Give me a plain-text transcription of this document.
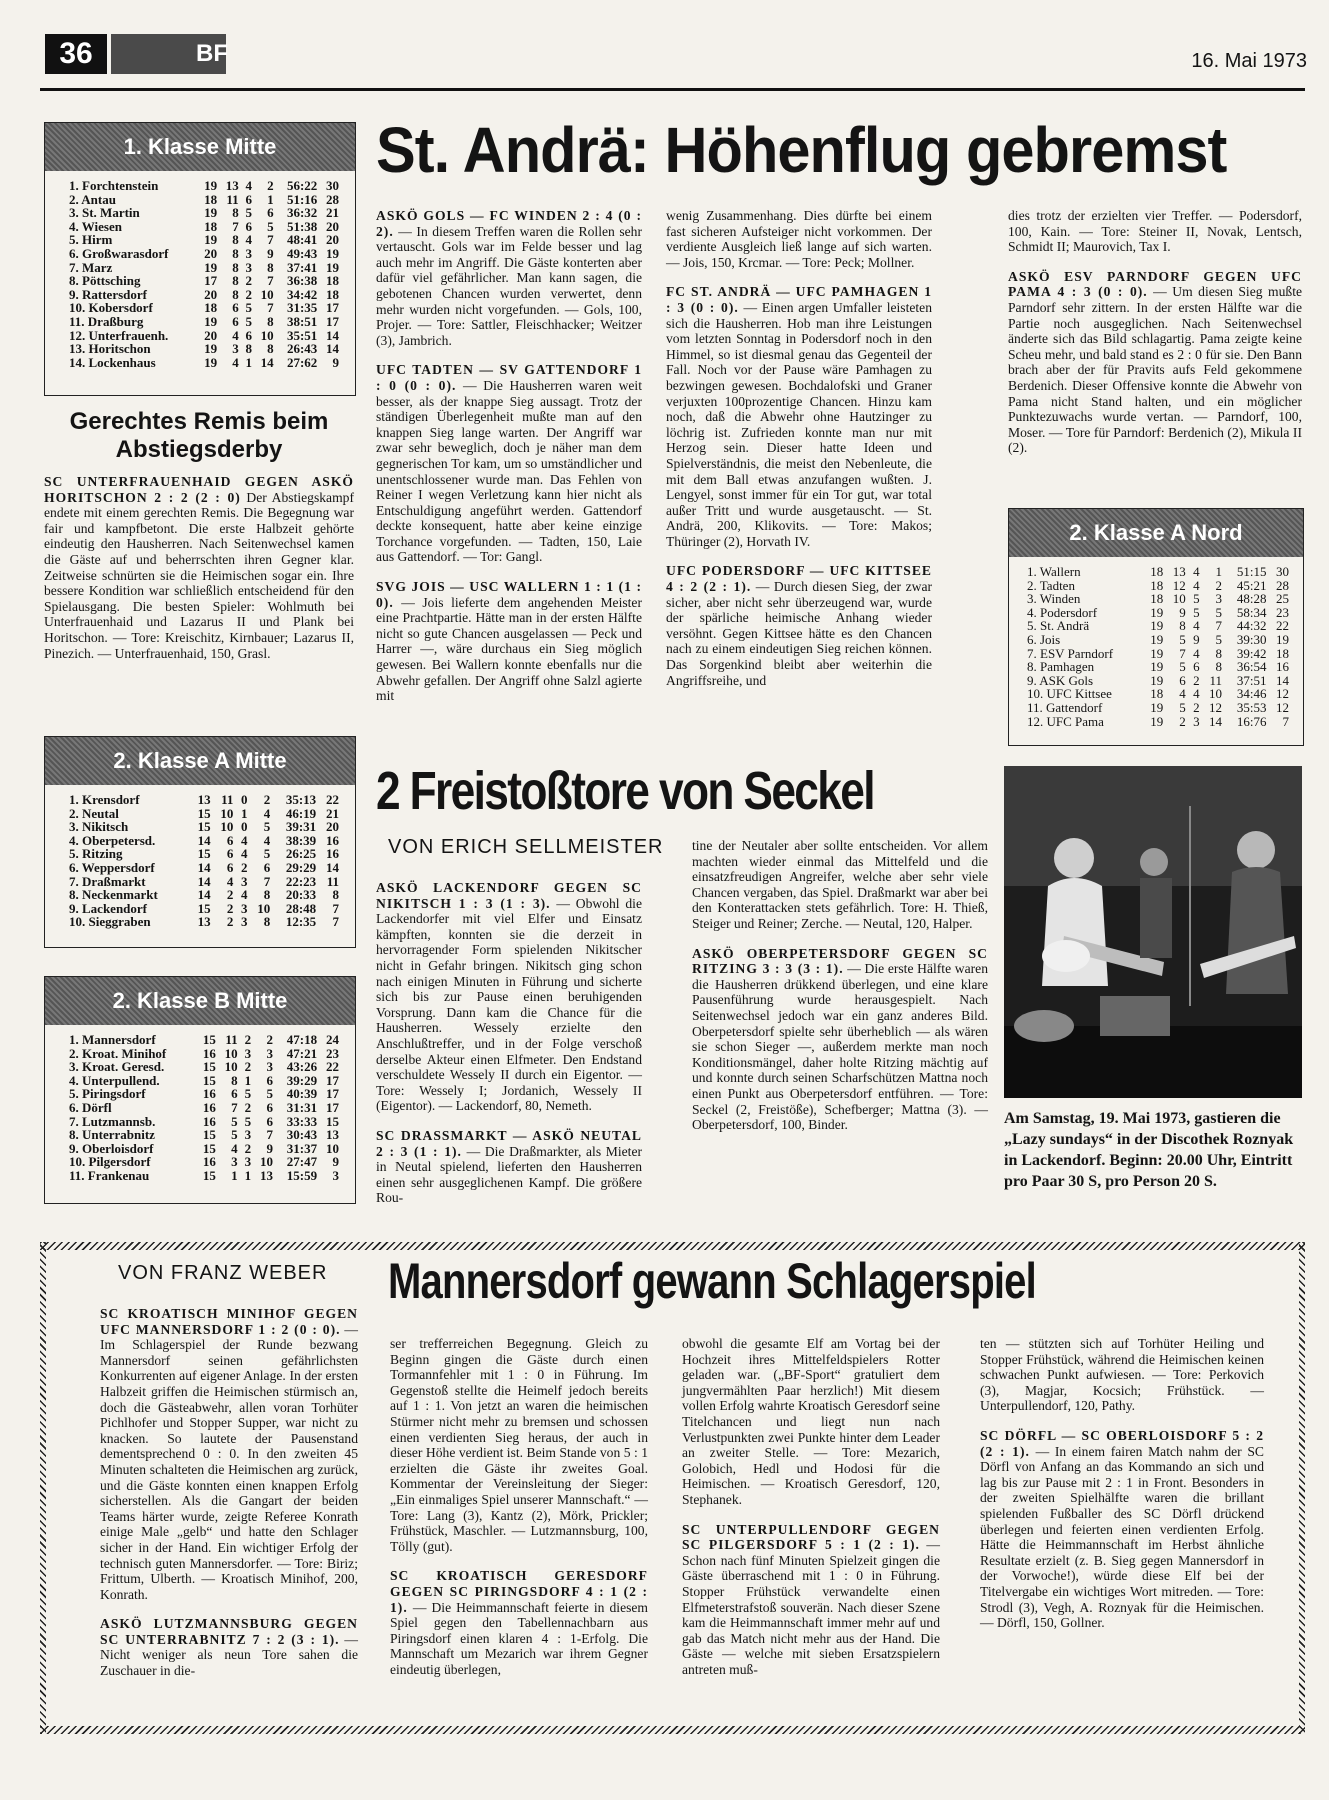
36	BF	16. Mai 1973
1. Klasse Mitte
1. Forchtenstein	19	13	4	2	56:22	30
2. Antau	18	11	6	1	51:16	28
3. St. Martin	19	8	5	6	36:32	21
4. Wiesen	18	7	6	5	51:38	20
5. Hirm	19	8	4	7	48:41	20
6. Großwarasdorf	20	8	3	9	49:43	19
7. Marz	19	8	3	8	37:41	19
8. Pöttsching	17	8	2	7	36:38	18
9. Rattersdorf	20	8	2	10	34:42	18
10. Kobersdorf	18	6	5	7	31:35	17
11. Draßburg	19	6	5	8	38:51	17
12. Unterfrauenh.	20	4	6	10	35:51	14
13. Horitschon	19	3	8	8	26:43	14
14. Lockenhaus	19	4	1	14	27:62	9
Gerechtes Remis beim Abstiegsderby

SC UNTERFRAUENHAID GEGEN ASKÖ HORITSCHON 2 : 2 (2 : 0) Der Abstiegskampf endete mit einem gerechten Remis. Die Begegnung war fair und kampfbetont. Die erste Halbzeit gehörte eindeutig den Hausherren. Nach Seitenwechsel kamen die Gäste auf und beherrschten ihren Gegner klar. Zeitweise schnürten sie die Heimischen sogar ein. Ihre bessere Kondition war schließlich entscheidend für den Spielausgang. Die besten Spieler: Wohlmuth bei Unterfrauenhaid und Lazarus II und Plank bei Horitschon. — Tore: Kreischitz, Kirnbauer; Lazarus II, Pinezich. — Unterfrauenhaid, 150, Grasl.

2. Klasse A Mitte
1. Krensdorf	13	11	0	2	35:13	22
2. Neutal	15	10	1	4	46:19	21
3. Nikitsch	15	10	0	5	39:31	20
4. Oberpetersd.	14	6	4	4	38:39	16
5. Ritzing	15	6	4	5	26:25	16
6. Weppersdorf	14	6	2	6	29:29	14
7. Draßmarkt	14	4	3	7	22:23	11
8. Neckenmarkt	14	2	4	8	20:33	8
9. Lackendorf	15	2	3	10	28:48	7
10. Sieggraben	13	2	3	8	12:35	7
2. Klasse B Mitte
1. Mannersdorf	15	11	2	2	47:18	24
2. Kroat. Minihof	16	10	3	3	47:21	23
3. Kroat. Geresd.	15	10	2	3	43:26	22
4. Unterpullend.	15	8	1	6	39:29	17
5. Piringsdorf	16	6	5	5	40:39	17
6. Dörfl	16	7	2	6	31:31	17
7. Lutzmannsb.	16	5	5	6	33:33	15
8. Unterrabnitz	15	5	3	7	30:43	13
9. Oberloisdorf	15	4	2	9	31:37	10
10. Pilgersdorf	16	3	3	10	27:47	9
11. Frankenau	15	1	1	13	15:59	3
St. Andrä: Höhenflug gebremst

ASKÖ GOLS — FC WINDEN 2 : 4 (0 : 2). — In diesem Treffen waren die Rollen sehr vertauscht. Gols war im Felde besser und lag auch mehr im Angriff. Die Gäste konterten aber dafür viel gefährlicher. Man kann sagen, die gebotenen Chancen wurden verwertet, denn mehr wurden nicht vorgefunden. — Gols, 100, Projer. — Tore: Sattler, Fleischhacker; Weitzer (3), Jambrich.

UFC TADTEN — SV GATTENDORF 1 : 0 (0 : 0). — Die Hausherren waren weit besser, als der knappe Sieg aussagt. Trotz der ständigen Überlegenheit mußte man auf den knappen Sieg lange warten. Der Angriff war zwar sehr beweglich, doch je näher man dem gegnerischen Tor kam, um so umständlicher und unentschlossener wurde man. Das Fehlen von Reiner I wegen Verletzung kann hier nicht als Entschuldigung angeführt werden. Gattendorf deckte konsequent, hatte aber keine einzige Torchance vorgefunden. — Tadten, 150, Laie aus Gattendorf. — Tor: Gangl.

SVG JOIS — USC WALLERN 1 : 1 (1 : 0). — Jois lieferte dem angehenden Meister eine Prachtpartie. Hätte man in der ersten Hälfte nicht so gute Chancen ausgelassen — Peck und Harrer —, wäre durchaus ein Sieg möglich gewesen. Bei Wallern konnte ebenfalls nur die Abwehr gefallen. Der Angriff ohne Salzl agierte mit

wenig Zusammenhang. Dies dürfte bei einem fast sicheren Aufsteiger nicht vorkommen. Der verdiente Ausgleich ließ lange auf sich warten. — Jois, 150, Krcmar. — Tore: Peck; Mollner.

FC ST. ANDRÄ — UFC PAMHAGEN 1 : 3 (0 : 0). — Einen argen Umfaller leisteten sich die Hausherren. Hob man ihre Leistungen vom letzten Sonntag in Podersdorf noch in den Himmel, so ist diesmal genau das Gegenteil der Fall. Noch vor der Pause wäre Pamhagen zu bezwingen gewesen. Bochdalofski und Graner verjuxten 100prozentige Chancen. Hinzu kam noch, daß die Abwehr ohne Hautzinger zu löchrig ist. Zufrieden konnte man nur mit Herzog sein. Dieser hatte Ideen und Spielverständnis, die meist den Nebenleute, die mit dem Ball etwas anzufangen wußten. J. Lengyel, sonst immer für ein Tor gut, war total außer Tritt und wurde ausgetauscht. — St. Andrä, 200, Klikovits. — Tore: Makos; Thüringer (2), Horvath IV.

UFC PODERSDORF — UFC KITTSEE 4 : 2 (2 : 1). — Durch diesen Sieg, der zwar sicher, aber nicht sehr überzeugend war, wurde der spärliche heimische Anhang wieder versöhnt. Gegen Kittsee hätte es den Chancen nach zu einem eindeutigen Sieg reichen können. Das Sorgenkind bleibt aber weiterhin die Angriffsreihe, und

dies trotz der erzielten vier Treffer. — Podersdorf, 100, Kain. — Tore: Steiner II, Novak, Lentsch, Schmidt II; Maurovich, Tax I.

ASKÖ ESV PARNDORF GEGEN UFC PAMA 4 : 3 (0 : 0). — Um diesen Sieg mußte Parndorf sehr zittern. In der ersten Hälfte war die Partie noch ausgeglichen. Nach Seitenwechsel änderte sich das Bild schlagartig. Pama zeigte keine Scheu mehr, und bald stand es 2 : 0 für sie. Den Bann brach aber der für Pravits aufs Feld gekommene Berdenich. Dieser Offensive konnte die Abwehr von Pama nicht Stand halten, und ein möglicher Punktezuwachs wurde vertan. — Parndorf, 100, Moser. — Tore für Parndorf: Berdenich (2), Mikula II (2).

2. Klasse A Nord
1. Wallern	18	13	4	1	51:15	30
2. Tadten	18	12	4	2	45:21	28
3. Winden	18	10	5	3	48:28	25
4. Podersdorf	19	9	5	5	58:34	23
5. St. Andrä	19	8	4	7	44:32	22
6. Jois	19	5	9	5	39:30	19
7. ESV Parndorf	19	7	4	8	39:42	18
8. Pamhagen	19	5	6	8	36:54	16
9. ASK Gols	19	6	2	11	37:51	14
10. UFC Kittsee	18	4	4	10	34:46	12
11. Gattendorf	19	5	2	12	35:53	12
12. UFC Pama	19	2	3	14	16:76	7
2 Freistoßtore von Seckel
VON ERICH SELLMEISTER

ASKÖ LACKENDORF GEGEN SC NIKITSCH 1 : 3 (1 : 3). — Obwohl die Lackendorfer mit viel Elfer und Einsatz kämpften, konnten sie die derzeit in hervorragender Form spielenden Nikitscher nicht in Gefahr bringen. Nikitsch ging schon nach einigen Minuten in Führung und sicherte sich bis zur Pause einen beruhigenden Vorsprung. Dann kam die Chance für die Hausherren. Wessely erzielte den Anschlußtreffer, und in der Folge verschoß derselbe Akteur einen Elfmeter. Den Endstand verschuldete Wessely II durch ein Eigentor. — Tore: Wessely I; Jordanich, Wessely II (Eigentor). — Lackendorf, 80, Nemeth.

SC DRASSMARKT — ASKÖ NEUTAL 2 : 3 (1 : 1). — Die Draßmarkter, als Mieter in Neutal spielend, lieferten den Hausherren einen sehr ausgeglichenen Kampf. Die größere Rou-

tine der Neutaler aber sollte entscheiden. Vor allem machten wieder einmal das Mittelfeld und die einsatzfreudigen Angreifer, welche aber sehr viele Chancen vergaben, das Spiel. Draßmarkt war aber bei den Konterattacken stets gefährlich. Tore: H. Thieß, Steiger und Reiner; Zerche. — Neutal, 120, Halper.

ASKÖ OBERPETERSDORF GEGEN SC RITZING 3 : 3 (3 : 1). — Die erste Hälfte waren die Hausherren drükkend überlegen, und eine klare Pausenführung wurde herausgespielt. Nach Seitenwechsel jedoch war ein ganz anderes Bild. Oberpetersdorf spielte sehr überheblich — als wären sie schon Sieger —, außerdem merkte man noch Konditionsmängel, daher holte Ritzing mächtig auf und konnte durch seinen Scharfschützen Mattna noch einen Punkt aus Oberpetersdorf entführen. — Tore: Seckel (2, Freistöße), Schefberger; Mattna (3). — Oberpetersdorf, 100, Binder.	Am Samstag, 19. Mai 1973, gastieren die „Lazy sundays“ in der Discothek Roznyak in Lackendorf. Beginn: 20.00 Uhr, Eintritt pro Paar 30 S, pro Person 20 S.
VON FRANZ WEBER Mannersdorf gewann Schlagerspiel

SC KROATISCH MINIHOF GEGEN UFC MANNERSDORF 1 : 2 (0 : 0). — Im Schlagerspiel der Runde bezwang Mannersdorf seinen gefährlichsten Konkurrenten auf eigener Anlage. In der ersten Halbzeit griffen die Heimischen stürmisch an, doch die Gästeabwehr, allen voran Torhüter Pichlhofer und Stopper Supper, war nicht zu knacken. So lautete der Pausenstand dementsprechend 0 : 0. In den zweiten 45 Minuten schalteten die Heimischen arg zurück, und die Gäste konnten einen knappen Erfolg sicherstellen. Als die Gangart der beiden Teams härter wurde, zeigte Referee Konrath einige Male „gelb“ und hatte den Schlager sicher in der Hand. Ein wichtiger Erfolg der technisch guten Mannersdorfer. — Tore: Biriz; Frittum, Ulberth. — Kroatisch Minihof, 200, Konrath.

ASKÖ LUTZMANNSBURG GEGEN SC UNTERRABNITZ 7 : 2 (3 : 1). — Nicht weniger als neun Tore sahen die Zuschauer in die-

ser trefferreichen Begegnung. Gleich zu Beginn gingen die Gäste durch einen Tormannfehler mit 1 : 0 in Führung. Im Gegenstoß stellte die Heimelf jedoch bereits auf 1 : 1. Von jetzt an waren die heimischen Stürmer nicht mehr zu bremsen und schossen einen verdienten Sieg heraus, der auch in dieser Höhe verdient ist. Beim Stande von 5 : 1 erzielten die Gäste ihr zweites Goal. Kommentar der Vereinsleitung der Sieger: „Ein einmaliges Spiel unserer Mannschaft.“ — Tore: Lang (3), Kantz (2), Mörk, Prickler; Frühstück, Maschler. — Lutzmannsburg, 100, Tölly (gut).

SC KROATISCH GERESDORF GEGEN SC PIRINGSDORF 4 : 1 (2 : 1). — Die Heimmannschaft feierte in diesem Spiel gegen den Tabellennachbarn aus Piringsdorf einen klaren 4 : 1-Erfolg. Die Mannschaft um Mezarich war ihrem Gegner eindeutig überlegen,

obwohl die gesamte Elf am Vortag bei der Hochzeit ihres Mittelfeldspielers Rotter geladen war. („BF-Sport“ gratuliert dem jungvermählten Paar herzlich!) Mit diesem vollen Erfolg wahrte Kroatisch Geresdorf seine Titelchancen und liegt nun nach Verlustpunkten zwei Punkte hinter dem Leader an zweiter Stelle. — Tore: Mezarich, Golobich, Hedl und Hodosi für die Heimischen. — Kroatisch Geresdorf, 120, Stephanek.

SC UNTERPULLENDORF GEGEN SC PILGERSDORF 5 : 1 (2 : 1). — Schon nach fünf Minuten Spielzeit gingen die Gäste überraschend mit 1 : 0 in Führung. Stopper Frühstück verwandelte einen Elfmeterstrafstoß souverän. Nach dieser Szene kam die Heimmannschaft immer mehr auf und gab das Match nicht mehr aus der Hand. Die Gäste — welche mit sieben Ersatzspielern antreten muß-

ten — stützten sich auf Torhüter Heiling und Stopper Frühstück, während die Heimischen keinen schwachen Punkt aufwiesen. — Tore: Perkovich (3), Magjar, Kocsich; Frühstück. — Unterpullendorf, 120, Pathy.

SC DÖRFL — SC OBERLOISDORF 5 : 2 (2 : 1). — In einem fairen Match nahm der SC Dörfl von Anfang an das Kommando an sich und lag bis zur Pause mit 2 : 1 in Front. Besonders in der zweiten Spielhälfte waren die brillant spielenden Fußballer des SC Dörfl drückend überlegen und feierten einen verdienten Erfolg. Hätte die Heimmannschaft im Herbst ähnliche Resultate erzielt (z. B. Sieg gegen Mannersdorf in der Vorwoche!), würde diese Elf bei der Titelvergabe ein wichtiges Wort mitreden. — Tore: Strodl (3), Vegh, A. Roznyak für die Heimischen. — Dörfl, 150, Gollner.
